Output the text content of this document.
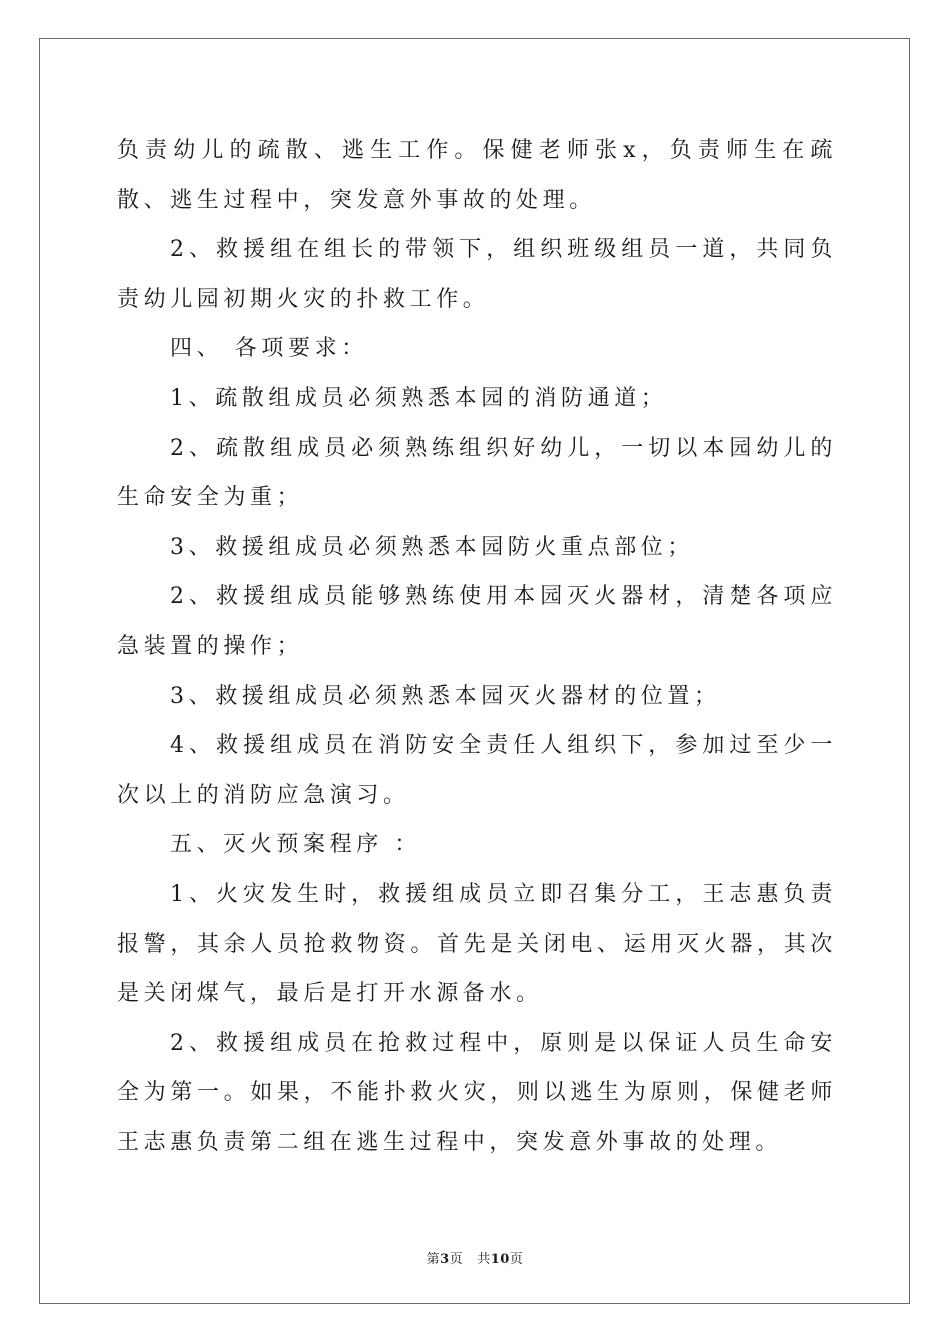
负责幼儿的疏散、逃生工作。保健老师张x，负责师生在疏散、逃生过程中，突发意外事故的处理。

2、救援组在组长的带领下，组织班级组员一道，共同负责幼儿园初期火灾的扑救工作。

四、 各项要求：

1、疏散组成员必须熟悉本园的消防通道；

2、疏散组成员必须熟练组织好幼儿，一切以本园幼儿的生命安全为重；

3、救援组成员必须熟悉本园防火重点部位；

2、救援组成员能够熟练使用本园灭火器材，清楚各项应急装置的操作；

3、救援组成员必须熟悉本园灭火器材的位置；

4、救援组成员在消防安全责任人组织下，参加过至少一次以上的消防应急演习。

五、灭火预案程序 ：

1、火灾发生时，救援组成员立即召集分工，王志惠负责报警，其余人员抢救物资。首先是关闭电、运用灭火器，其次是关闭煤气，最后是打开水源备水。

2、救援组成员在抢救过程中，原则是以保证人员生命安全为第一。如果，不能扑救火灾，则以逃生为原则，保健老师王志惠负责第二组在逃生过程中，突发意外事故的处理。

第3页 共10页
